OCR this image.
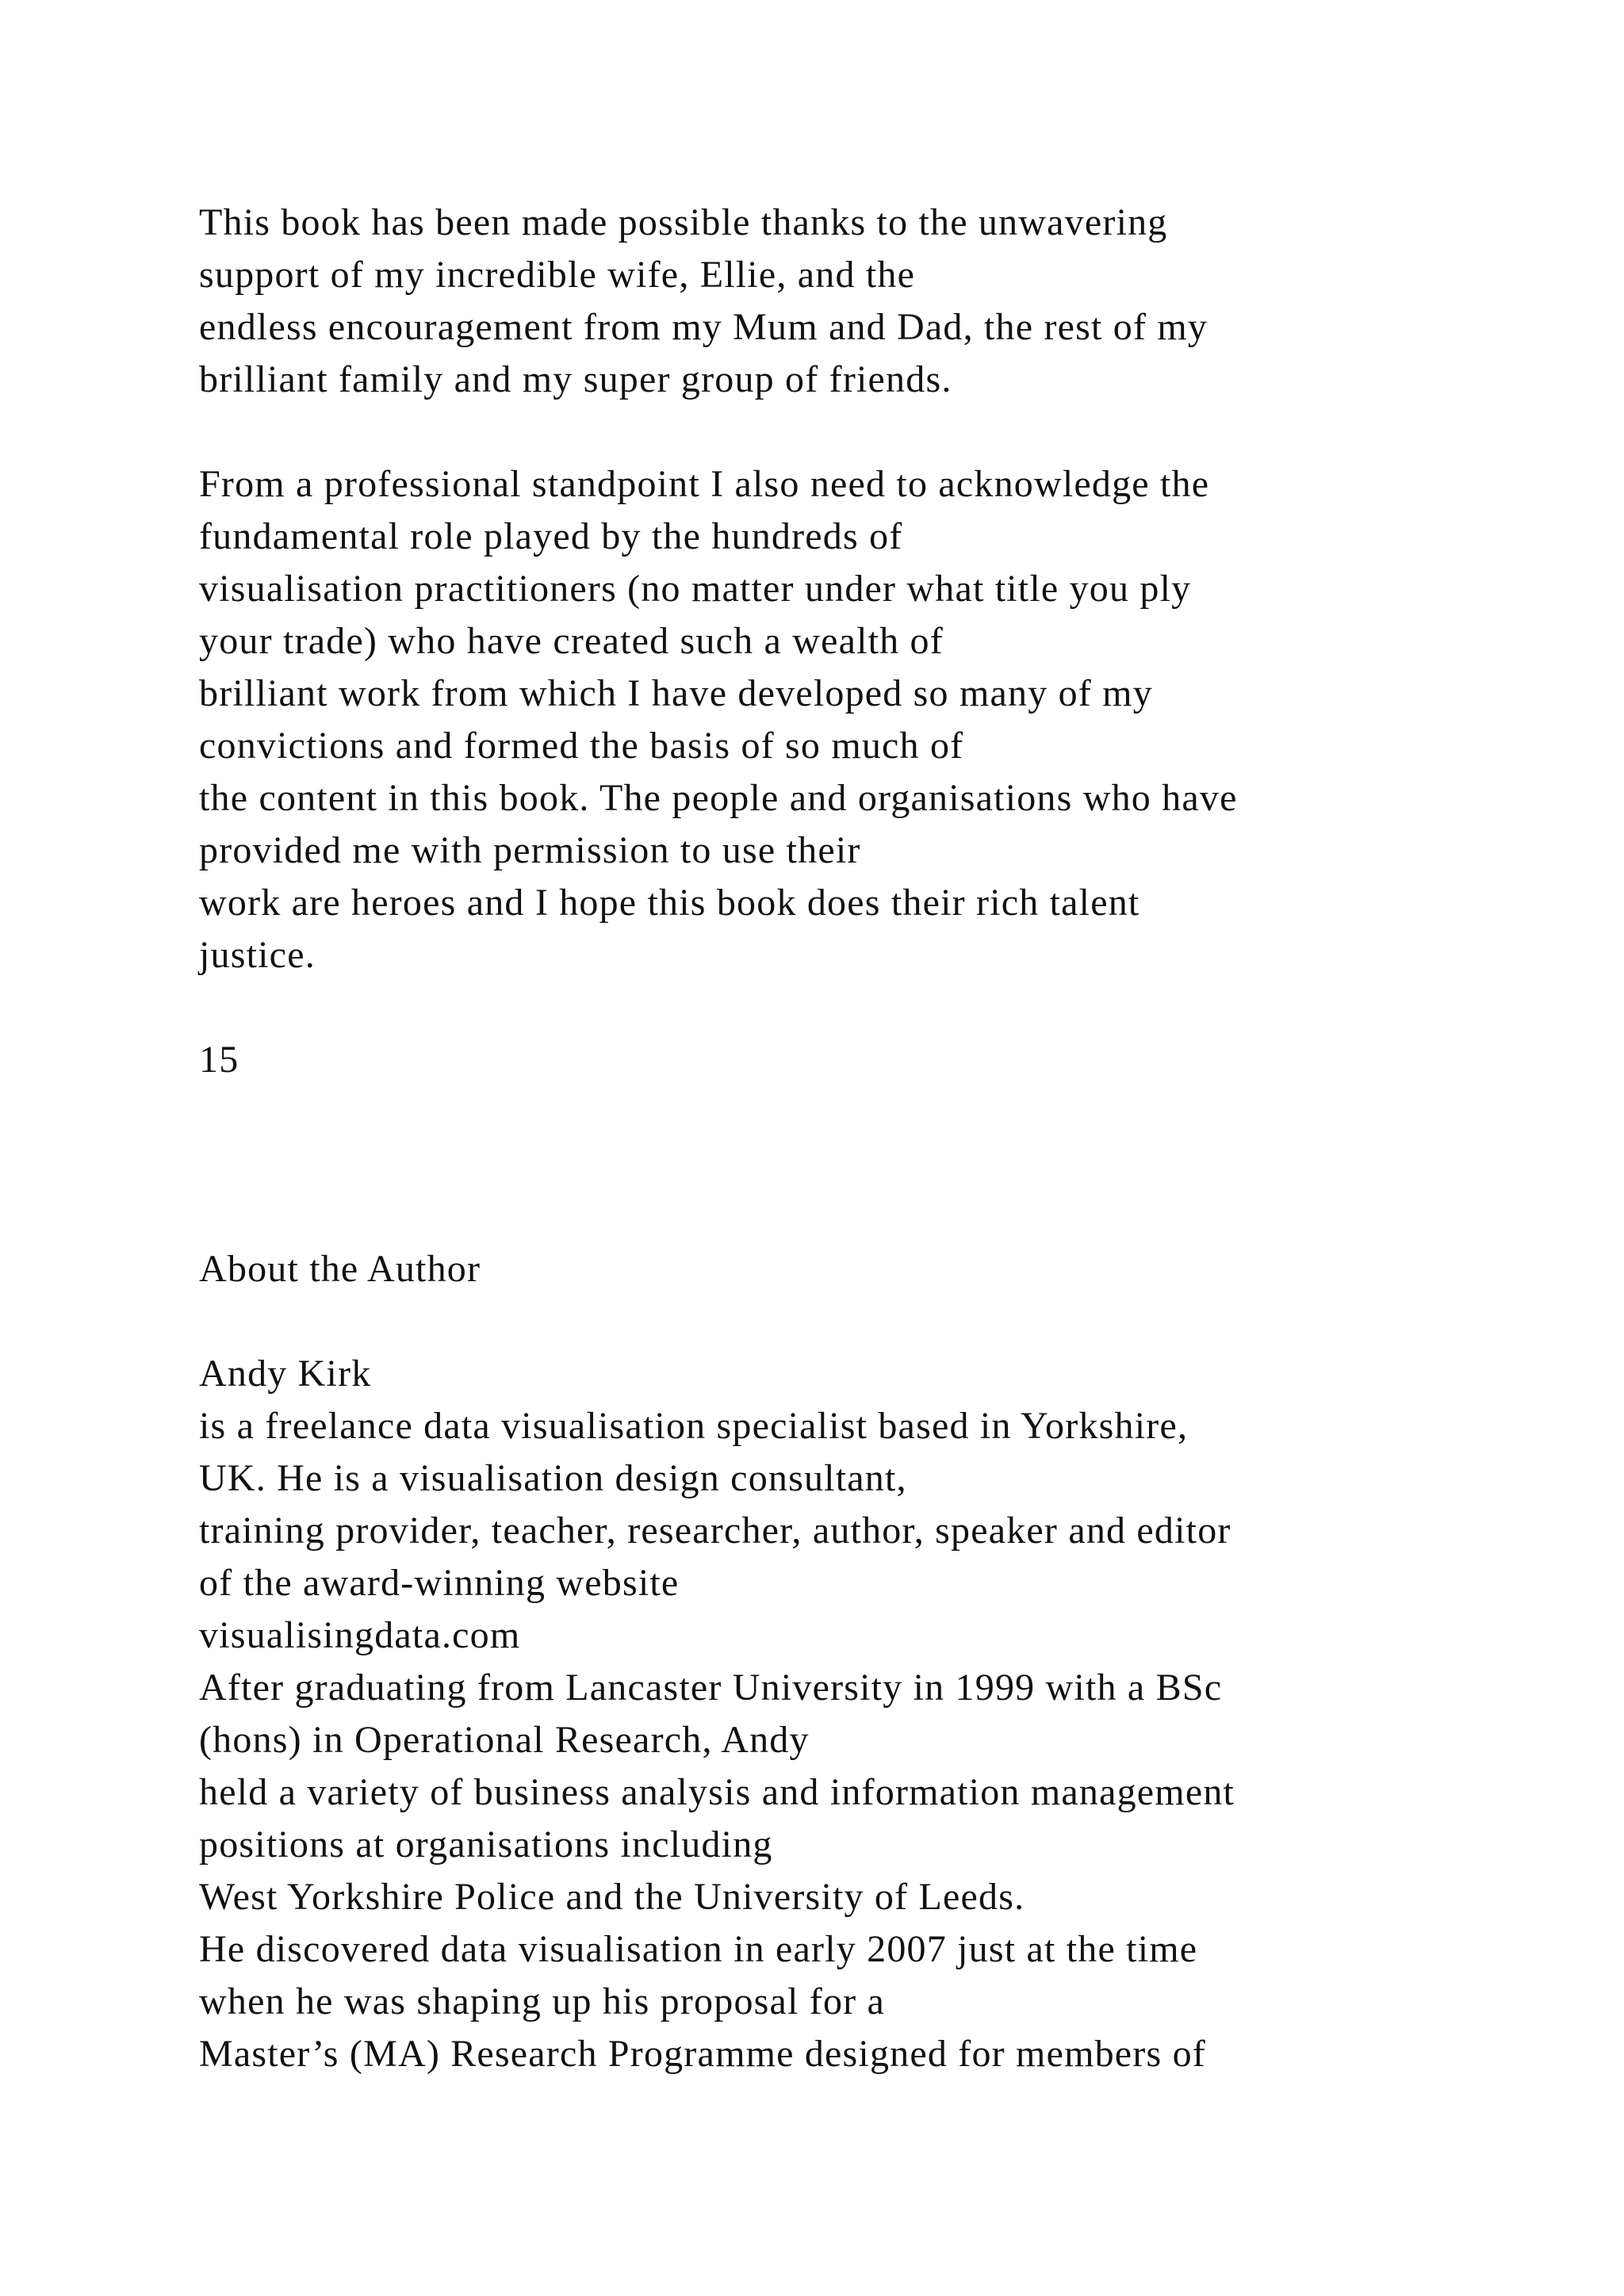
This book has been made possible thanks to the unwavering
support of my incredible wife, Ellie, and the
endless encouragement from my Mum and Dad, the rest of my
brilliant family and my super group of friends.
From a professional standpoint I also need to acknowledge the
fundamental role played by the hundreds of
visualisation practitioners (no matter under what title you ply
your trade) who have created such a wealth of
brilliant work from which I have developed so many of my
convictions and formed the basis of so much of
the content in this book. The people and organisations who have
provided me with permission to use their
work are heroes and I hope this book does their rich talent
justice.
15
About the Author
Andy Kirk
is a freelance data visualisation specialist based in Yorkshire,
UK. He is a visualisation design consultant,
training provider, teacher, researcher, author, speaker and editor
of the award-winning website
visualisingdata.com
After graduating from Lancaster University in 1999 with a BSc
(hons) in Operational Research, Andy
held a variety of business analysis and information management
positions at organisations including
West Yorkshire Police and the University of Leeds.
He discovered data visualisation in early 2007 just at the time
when he was shaping up his proposal for a
Master’s (MA) Research Programme designed for members of
